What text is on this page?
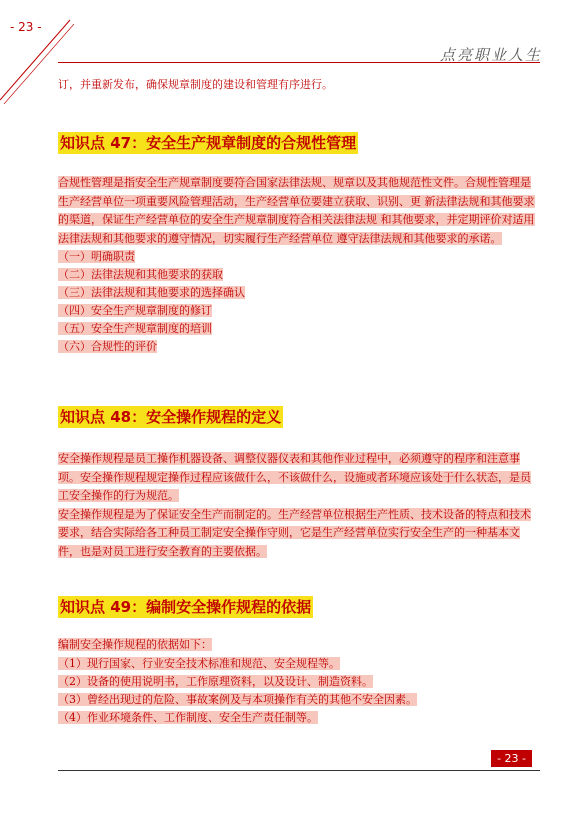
- 23 -
点亮职业人生

订，并重新发布，确保规章制度的建设和管理有序进行。

知识点 47：安全生产规章制度的合规性管理

合规性管理是指安全生产规章制度要符合国家法律法规、规章以及其他规范性文件。合规性管理是生产经营单位一项重要风险管理活动，生产经营单位要建立获取、识别、更 新法律法规和其他要求的渠道，保证生产经营单位的安全生产规章制度符合相关法律法规 和其他要求，并定期评价对适用法律法规和其他要求的遵守情况，切实履行生产经营单位 遵守法律法规和其他要求的承诺。

（一）明确职责

（二）法律法规和其他要求的获取

（三）法律法规和其他要求的选择确认

（四）安全生产规章制度的修订

（五）安全生产规章制度的培训

（六）合规性的评价

知识点 48：安全操作规程的定义

安全操作规程是员工操作机器设备、调整仪器仪表和其他作业过程中，必须遵守的程序和注意事项。安全操作规程规定操作过程应该做什么，不该做什么，设施或者环境应该处于什么状态，是员工安全操作的行为规范。

安全操作规程是为了保证安全生产而制定的。生产经营单位根据生产性质、技术设备的特点和技术要求，结合实际给各工种员工制定安全操作守则，它是生产经营单位实行安全生产的一种基本文件，也是对员工进行安全教育的主要依据。

知识点 49：编制安全操作规程的依据

编制安全操作规程的依据如下：

（1）现行国家、行业安全技术标准和规范、安全规程等。

（2）设备的使用说明书，工作原理资料，以及设计、制造资料。

（3）曾经出现过的危险、事故案例及与本项操作有关的其他不安全因素。

（4）作业环境条件、工作制度、安全生产责任制等。

- 23 -
